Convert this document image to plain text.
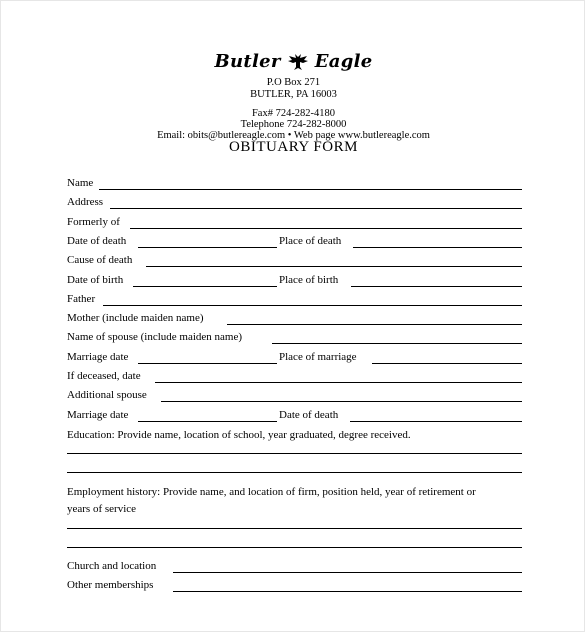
Butler Eagle
P.O Box 271
BUTLER, PA 16003
Fax# 724-282-4180
Telephone 724-282-8000
Email: obits@butlereagle.com • Web page www.butlereagle.com
OBITUARY FORM
Name
Address
Formerly of
Date of death	Place of death
Cause of death
Date of birth	Place of birth
Father
Mother (include maiden name)
Name of spouse (include maiden name)
Marriage date	Place of marriage
If deceased, date
Additional spouse
Marriage date	Date of death
Education: Provide name, location of school, year graduated, degree received.
Employment history: Provide name, and location of firm, position held, year of retirement or years of service
Church and location
Other memberships
